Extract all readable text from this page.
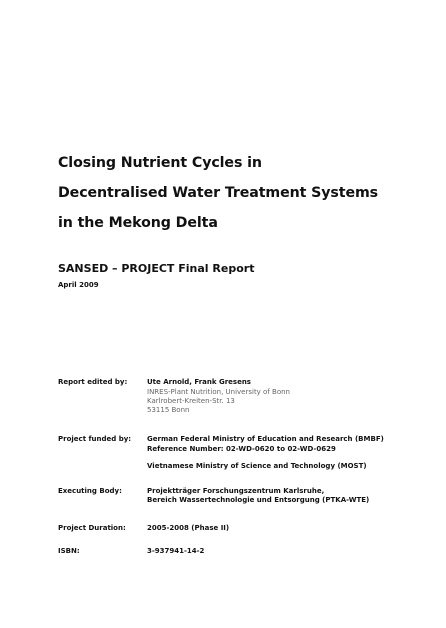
Closing Nutrient Cycles in
Decentralised Water Treatment Systems
in the Mekong Delta
SANSED – PROJECT Final Report
April 2009
Report edited by:	Ute Arnold, Frank Gresens
INRES-Plant Nutrition, University of Bonn
Karlrobert-Kreiten-Str. 13
53115 Bonn
Project funded by: German Federal Ministry of Education and Research (BMBF)
Reference Number: 02-WD-0620 to 02-WD-0629
Vietnamese Ministry of Science and Technology (MOST)
Executing Body:	Projektträger Forschungszentrum Karlsruhe,
Bereich Wassertechnologie und Entsorgung (PTKA-WTE)
Project Duration:	2005-2008 (Phase II)
ISBN:	3-937941-14-2
